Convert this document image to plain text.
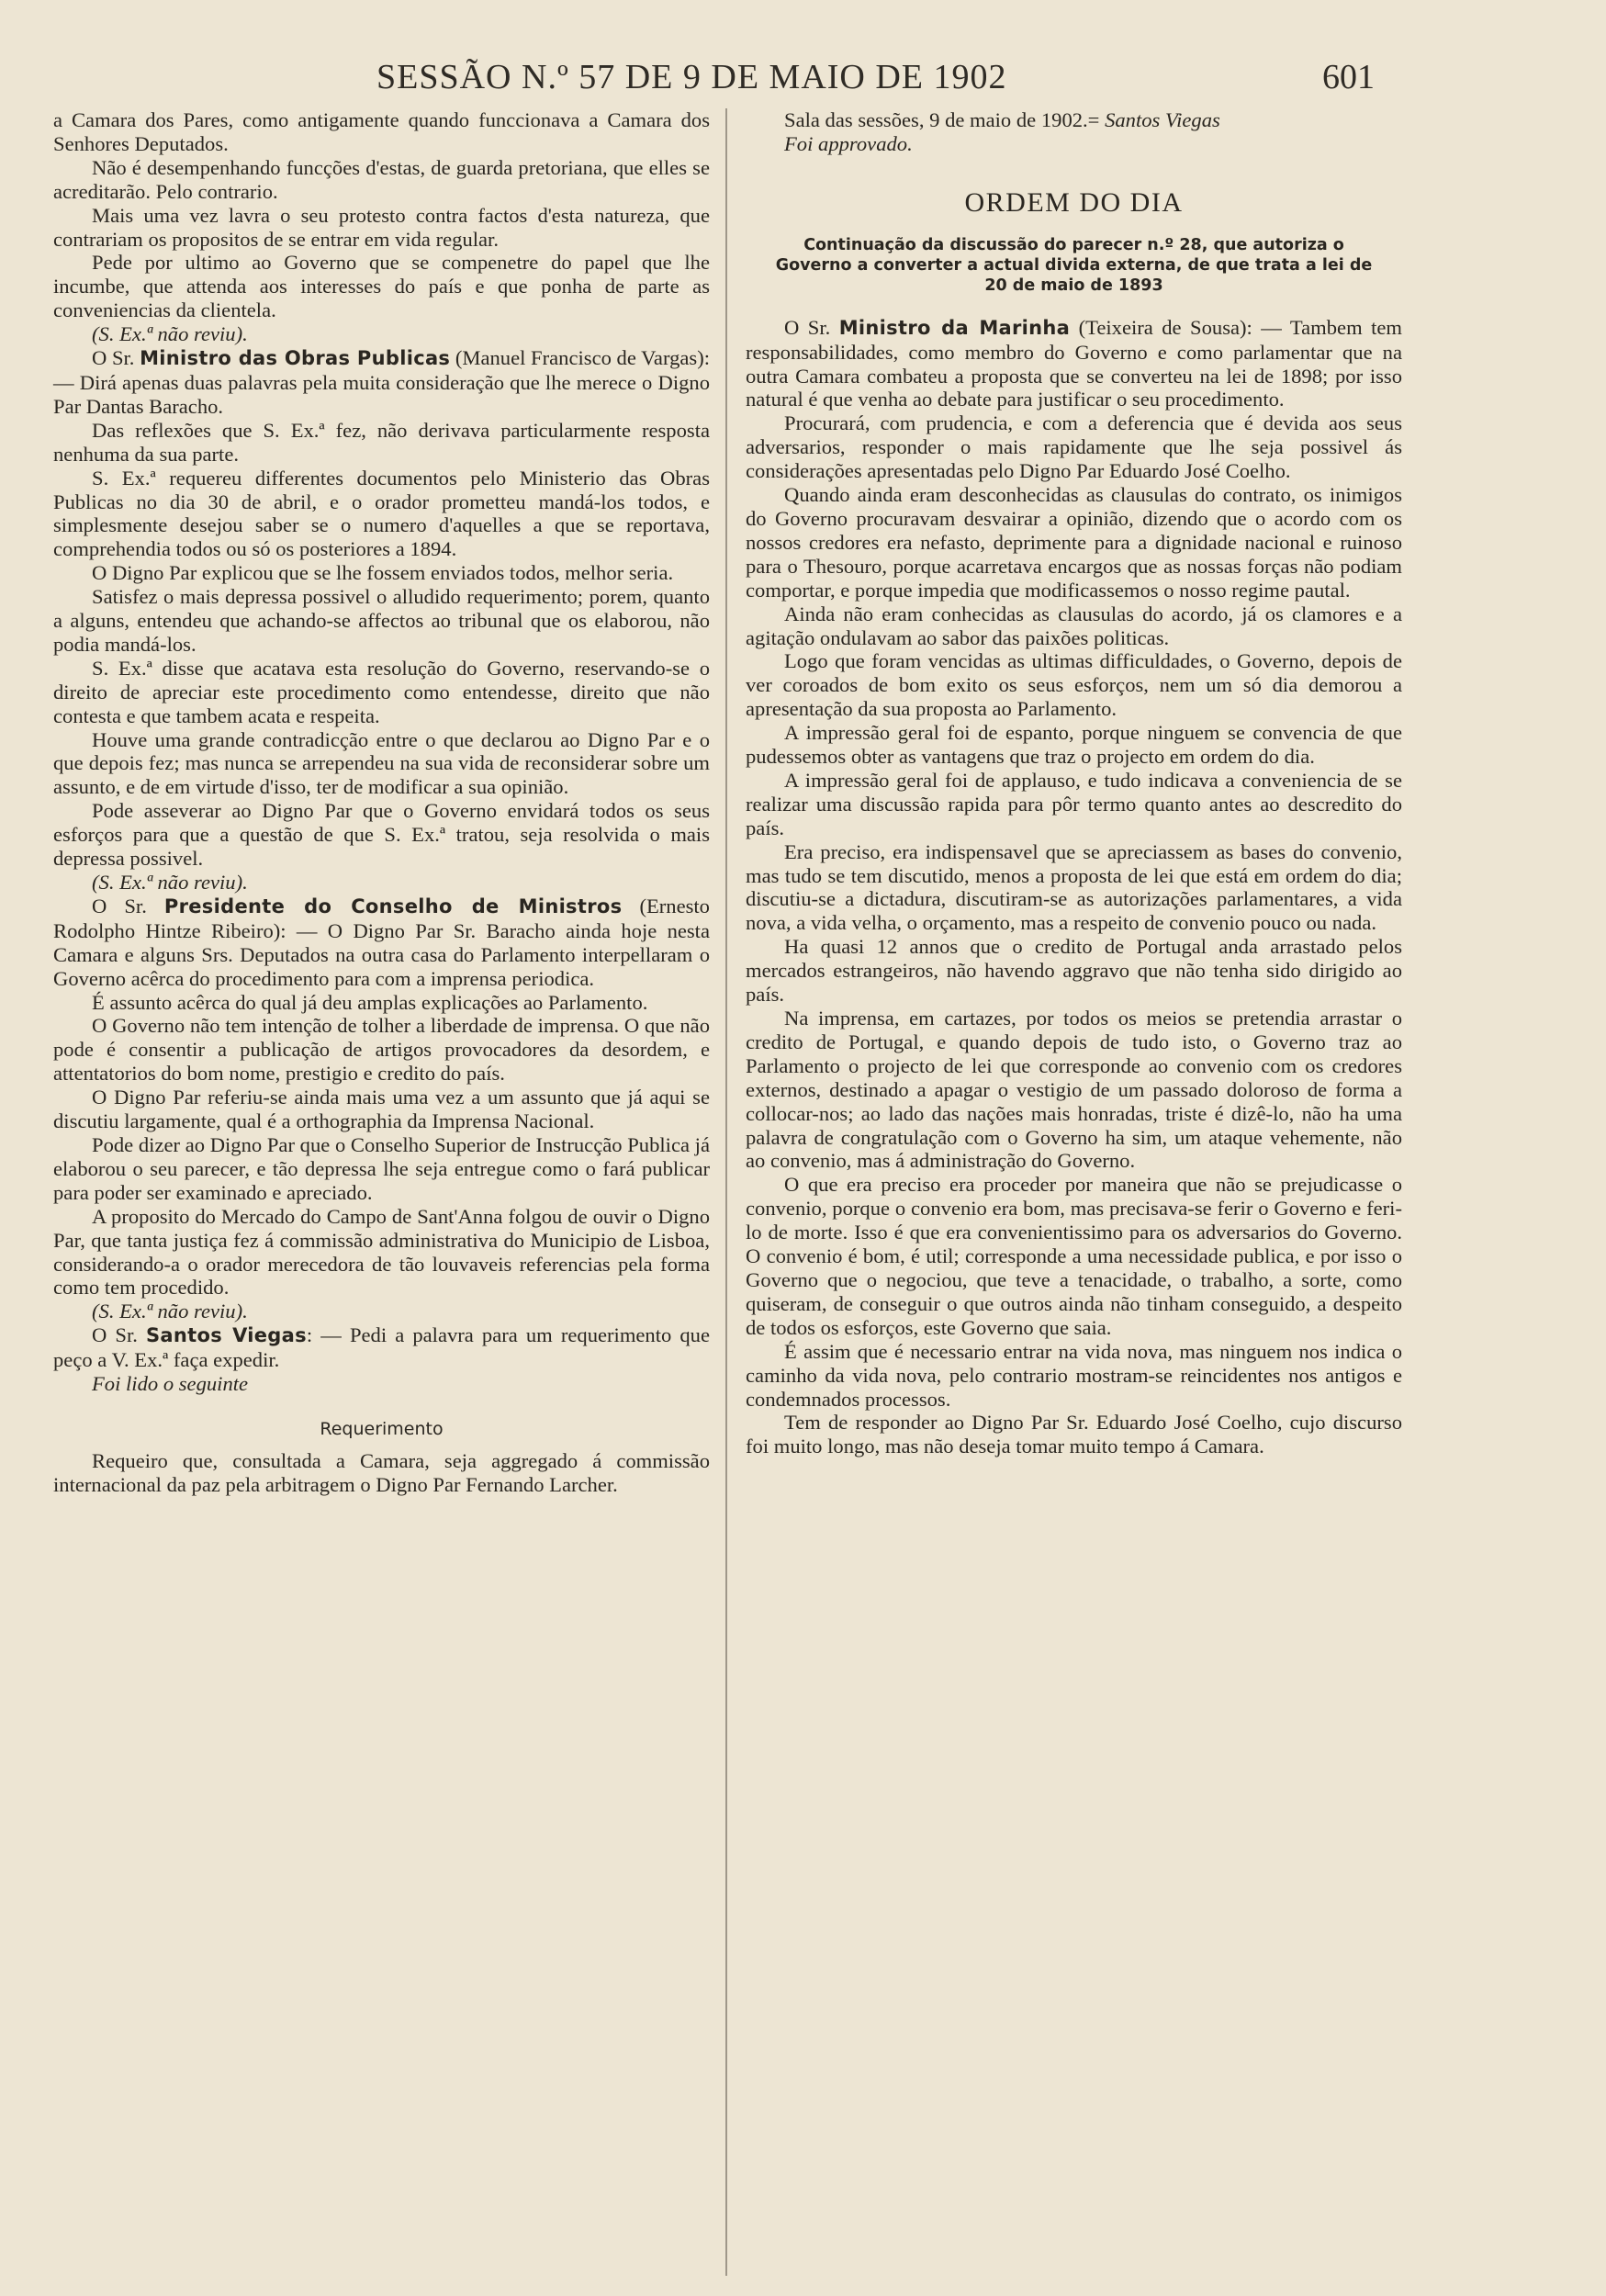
SESSÃO N.º 57 DE 9 DE MAIO DE 1902	601

a Camara dos Pares, como antigamente quando funccionava a Camara dos Senhores Deputados.

Não é desempenhando funcções d'estas, de guarda pretoriana, que elles se acreditarão. Pelo contrario.

Mais uma vez lavra o seu protesto contra factos d'esta natureza, que contrariam os propositos de se entrar em vida regular.

Pede por ultimo ao Governo que se compenetre do papel que lhe incumbe, que attenda aos interesses do país e que ponha de parte as conveniencias da clientela.

(S. Ex.ª não reviu).

O Sr. Ministro das Obras Publicas (Manuel Francisco de Vargas): — Dirá apenas duas palavras pela muita consideração que lhe merece o Digno Par Dantas Baracho.

Das reflexões que S. Ex.ª fez, não derivava particularmente resposta nenhuma da sua parte.

S. Ex.ª requereu differentes documentos pelo Ministerio das Obras Publicas no dia 30 de abril, e o orador prometteu mandá-los todos, e simplesmente desejou saber se o numero d'aquelles a que se reportava, comprehendia todos ou só os posteriores a 1894.

O Digno Par explicou que se lhe fossem enviados todos, melhor seria.

Satisfez o mais depressa possivel o alludido requerimento; porem, quanto a alguns, entendeu que achando-se affectos ao tribunal que os elaborou, não podia mandá-los.

S. Ex.ª disse que acatava esta resolução do Governo, reservando-se o direito de apreciar este procedimento como entendesse, direito que não contesta e que tambem acata e respeita.

Houve uma grande contradicção entre o que declarou ao Digno Par e o que depois fez; mas nunca se arrependeu na sua vida de reconsiderar sobre um assunto, e de em virtude d'isso, ter de modificar a sua opinião.

Pode asseverar ao Digno Par que o Governo envidará todos os seus esforços para que a questão de que S. Ex.ª tratou, seja resolvida o mais depressa possivel.

(S. Ex.ª não reviu).

O Sr. Presidente do Conselho de Ministros (Ernesto Rodolpho Hintze Ribeiro): — O Digno Par Sr. Baracho ainda hoje nesta Camara e alguns Srs. Deputados na outra casa do Parlamento interpellaram o Governo acêrca do procedimento para com a imprensa periodica.

É assunto acêrca do qual já deu amplas explicações ao Parlamento.

O Governo não tem intenção de tolher a liberdade de imprensa. O que não pode é consentir a publicação de artigos provocadores da desordem, e attentatorios do bom nome, prestigio e credito do país.

O Digno Par referiu-se ainda mais uma vez a um assunto que já aqui se discutiu largamente, qual é a orthographia da Imprensa Nacional.

Pode dizer ao Digno Par que o Conselho Superior de Instrucção Publica já elaborou o seu parecer, e tão depressa lhe seja entregue como o fará publicar para poder ser examinado e apreciado.

A proposito do Mercado do Campo de Sant'Anna folgou de ouvir o Digno Par, que tanta justiça fez á commissão administrativa do Municipio de Lisboa, considerando-a o orador merecedora de tão louvaveis referencias pela forma como tem procedido.

(S. Ex.ª não reviu).

O Sr. Santos Viegas: — Pedi a palavra para um requerimento que peço a V. Ex.ª faça expedir.

Foi lido o seguinte

Requerimento

Requeiro que, consultada a Camara, seja aggregado á commissão internacional da paz pela arbitragem o Digno Par Fernando Larcher.

Sala das sessões, 9 de maio de 1902.= Santos Viegas

Foi approvado.

ORDEM DO DIA

Continuação da discussão do parecer n.º 28, que autoriza o Governo a converter a actual divida externa, de que trata a lei de 20 de maio de 1893

O Sr. Ministro da Marinha (Teixeira de Sousa): — Tambem tem responsabilidades, como membro do Governo e como parlamentar que na outra Camara combateu a proposta que se converteu na lei de 1898; por isso natural é que venha ao debate para justificar o seu procedimento.

Procurará, com prudencia, e com a deferencia que é devida aos seus adversarios, responder o mais rapidamente que lhe seja possivel ás considerações apresentadas pelo Digno Par Eduardo José Coelho.

Quando ainda eram desconhecidas as clausulas do contrato, os inimigos do Governo procuravam desvairar a opinião, dizendo que o acordo com os nossos credores era nefasto, deprimente para a dignidade nacional e ruinoso para o Thesouro, porque acarretava encargos que as nossas forças não podiam comportar, e porque impedia que modificassemos o nosso regime pautal.

Ainda não eram conhecidas as clausulas do acordo, já os clamores e a agitação ondulavam ao sabor das paixões politicas.

Logo que foram vencidas as ultimas difficuldades, o Governo, depois de ver coroados de bom exito os seus esforços, nem um só dia demorou a apresentação da sua proposta ao Parlamento.

A impressão geral foi de espanto, porque ninguem se convencia de que pudessemos obter as vantagens que traz o projecto em ordem do dia.

A impressão geral foi de applauso, e tudo indicava a conveniencia de se realizar uma discussão rapida para pôr termo quanto antes ao descredito do país.

Era preciso, era indispensavel que se apreciassem as bases do convenio, mas tudo se tem discutido, menos a proposta de lei que está em ordem do dia; discutiu-se a dictadura, discutiram-se as autorizações parlamentares, a vida nova, a vida velha, o orçamento, mas a respeito de convenio pouco ou nada.

Ha quasi 12 annos que o credito de Portugal anda arrastado pelos mercados estrangeiros, não havendo aggravo que não tenha sido dirigido ao país.

Na imprensa, em cartazes, por todos os meios se pretendia arrastar o credito de Portugal, e quando depois de tudo isto, o Governo traz ao Parlamento o projecto de lei que corresponde ao convenio com os credores externos, destinado a apagar o vestigio de um passado doloroso de forma a collocar-nos; ao lado das nações mais honradas, triste é dizê-lo, não ha uma palavra de congratulação com o Governo ha sim, um ataque vehemente, não ao convenio, mas á administração do Governo.

O que era preciso era proceder por maneira que não se prejudicasse o convenio, porque o convenio era bom, mas precisava-se ferir o Governo e feri-lo de morte. Isso é que era convenientissimo para os adversarios do Governo. O convenio é bom, é util; corresponde a uma necessidade publica, e por isso o Governo que o negociou, que teve a tenacidade, o trabalho, a sorte, como quiseram, de conseguir o que outros ainda não tinham conseguido, a despeito de todos os esforços, este Governo que saia.

É assim que é necessario entrar na vida nova, mas ninguem nos indica o caminho da vida nova, pelo contrario mostram-se reincidentes nos antigos e condemnados processos.

Tem de responder ao Digno Par Sr. Eduardo José Coelho, cujo discurso foi muito longo, mas não deseja tomar muito tempo á Camara.
